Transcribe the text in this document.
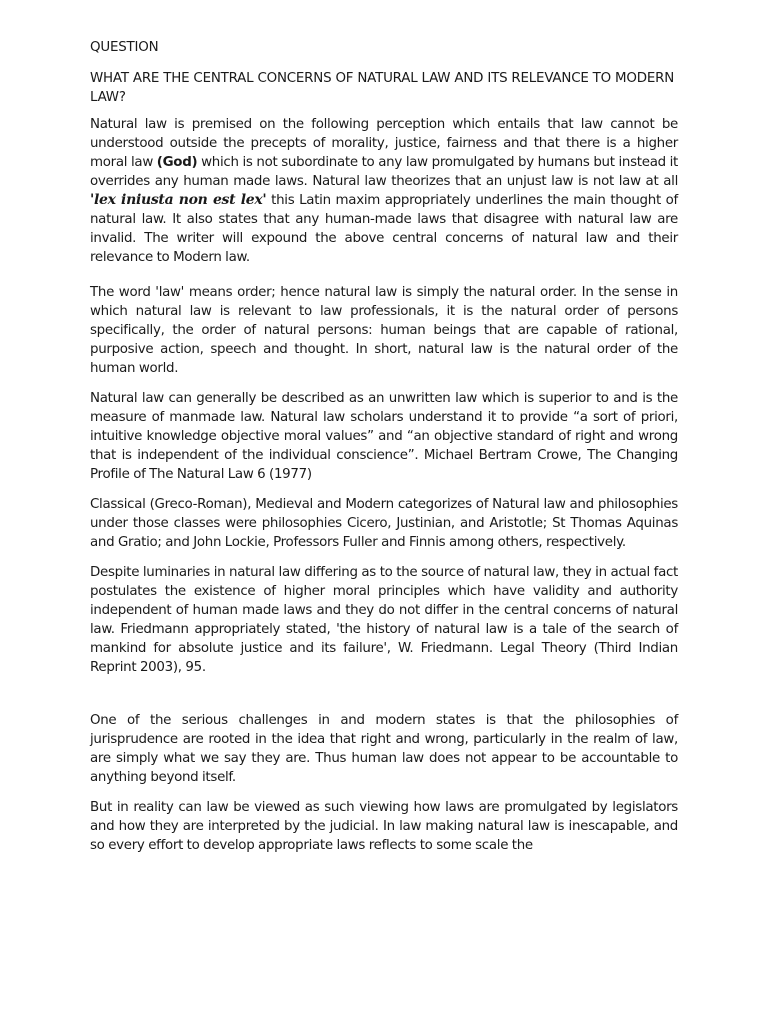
QUESTION

WHAT ARE THE CENTRAL CONCERNS OF NATURAL LAW AND ITS RELEVANCE TO MODERN LAW?

Natural law is premised on the following perception which entails that law cannot be understood outside the precepts of morality, justice, fairness and that there is a higher moral law (God) which is not subordinate to any law promulgated by humans but instead it overrides any human made laws. Natural law theorizes that an unjust law is not law at all 'lex iniusta non est lex' this Latin maxim appropriately underlines the main thought of natural law. It also states that any human-made laws that disagree with natural law are invalid. The writer will expound the above central concerns of natural law and their relevance to Modern law.

The word 'law' means order; hence natural law is simply the natural order. In the sense in which natural law is relevant to law professionals, it is the natural order of persons specifically, the order of natural persons: human beings that are capable of rational, purposive action, speech and thought. In short, natural law is the natural order of the human world.

Natural law can generally be described as an unwritten law which is superior to and is the measure of manmade law. Natural law scholars understand it to provide “a sort of priori, intuitive knowledge objective moral values” and “an objective standard of right and wrong that is independent of the individual conscience”. Michael Bertram Crowe, The Changing Profile of The Natural Law 6 (1977)

Classical (Greco-Roman), Medieval and Modern categorizes of Natural law and philosophies under those classes were philosophies Cicero, Justinian, and Aristotle; St Thomas Aquinas and Gratio; and John Lockie, Professors Fuller and Finnis among others, respectively.

Despite luminaries in natural law differing as to the source of natural law, they in actual fact postulates the existence of higher moral principles which have validity and authority independent of human made laws and they do not differ in the central concerns of natural law. Friedmann appropriately stated, 'the history of natural law is a tale of the search of mankind for absolute justice and its failure', W. Friedmann. Legal Theory (Third Indian Reprint 2003), 95.

One of the serious challenges in and modern states is that the philosophies of jurisprudence are rooted in the idea that right and wrong, particularly in the realm of law, are simply what we say they are. Thus human law does not appear to be accountable to anything beyond itself.

But in reality can law be viewed as such viewing how laws are promulgated by legislators and how they are interpreted by the judicial. In law making natural law is inescapable, and so every effort to develop appropriate laws reflects to some scale the
